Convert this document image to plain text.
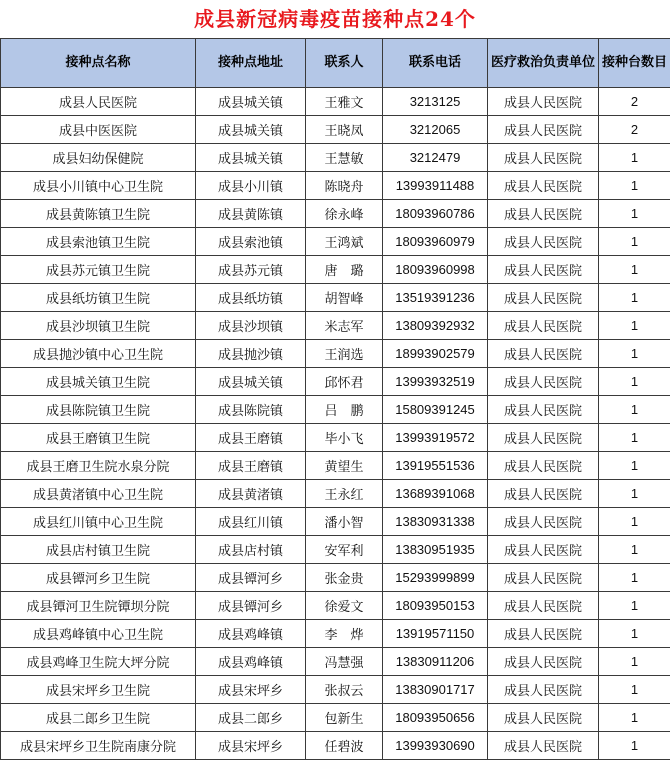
成县新冠病毒疫苗接种点24个
接种点名称	接种点地址	联系人	联系电话	医疗救治负责单位	接种台数目
成县人民医院	成县城关镇	王雅文	3213125	成县人民医院	2
成县中医医院	成县城关镇	王晓凤	3212065	成县人民医院	2
成县妇幼保健院	成县城关镇	王慧敏	3212479	成县人民医院	1
成县小川镇中心卫生院	成县小川镇	陈晓舟	13993911488	成县人民医院	1
成县黄陈镇卫生院	成县黄陈镇	徐永峰	18093960786	成县人民医院	1
成县索池镇卫生院	成县索池镇	王鸿斌	18093960979	成县人民医院	1
成县苏元镇卫生院	成县苏元镇	唐　璐	18093960998	成县人民医院	1
成县纸坊镇卫生院	成县纸坊镇	胡智峰	13519391236	成县人民医院	1
成县沙坝镇卫生院	成县沙坝镇	米志军	13809392932	成县人民医院	1
成县抛沙镇中心卫生院	成县抛沙镇	王润选	18993902579	成县人民医院	1
成县城关镇卫生院	成县城关镇	邱怀君	13993932519	成县人民医院	1
成县陈院镇卫生院	成县陈院镇	吕　鹏	15809391245	成县人民医院	1
成县王磨镇卫生院	成县王磨镇	毕小飞	13993919572	成县人民医院	1
成县王磨卫生院水泉分院	成县王磨镇	黄望生	13919551536	成县人民医院	1
成县黄渚镇中心卫生院	成县黄渚镇	王永红	13689391068	成县人民医院	1
成县红川镇中心卫生院	成县红川镇	潘小智	13830931338	成县人民医院	1
成县店村镇卫生院	成县店村镇	安军利	13830951935	成县人民医院	1
成县镡河乡卫生院	成县镡河乡	张金贵	15293999899	成县人民医院	1
成县镡河卫生院镡坝分院	成县镡河乡	徐爱文	18093950153	成县人民医院	1
成县鸡峰镇中心卫生院	成县鸡峰镇	李　烨	13919571150	成县人民医院	1
成县鸡峰卫生院大坪分院	成县鸡峰镇	冯慧强	13830911206	成县人民医院	1
成县宋坪乡卫生院	成县宋坪乡	张叔云	13830901717	成县人民医院	1
成县二郎乡卫生院	成县二郎乡	包新生	18093950656	成县人民医院	1
成县宋坪乡卫生院南康分院	成县宋坪乡	任碧波	13993930690	成县人民医院	1
